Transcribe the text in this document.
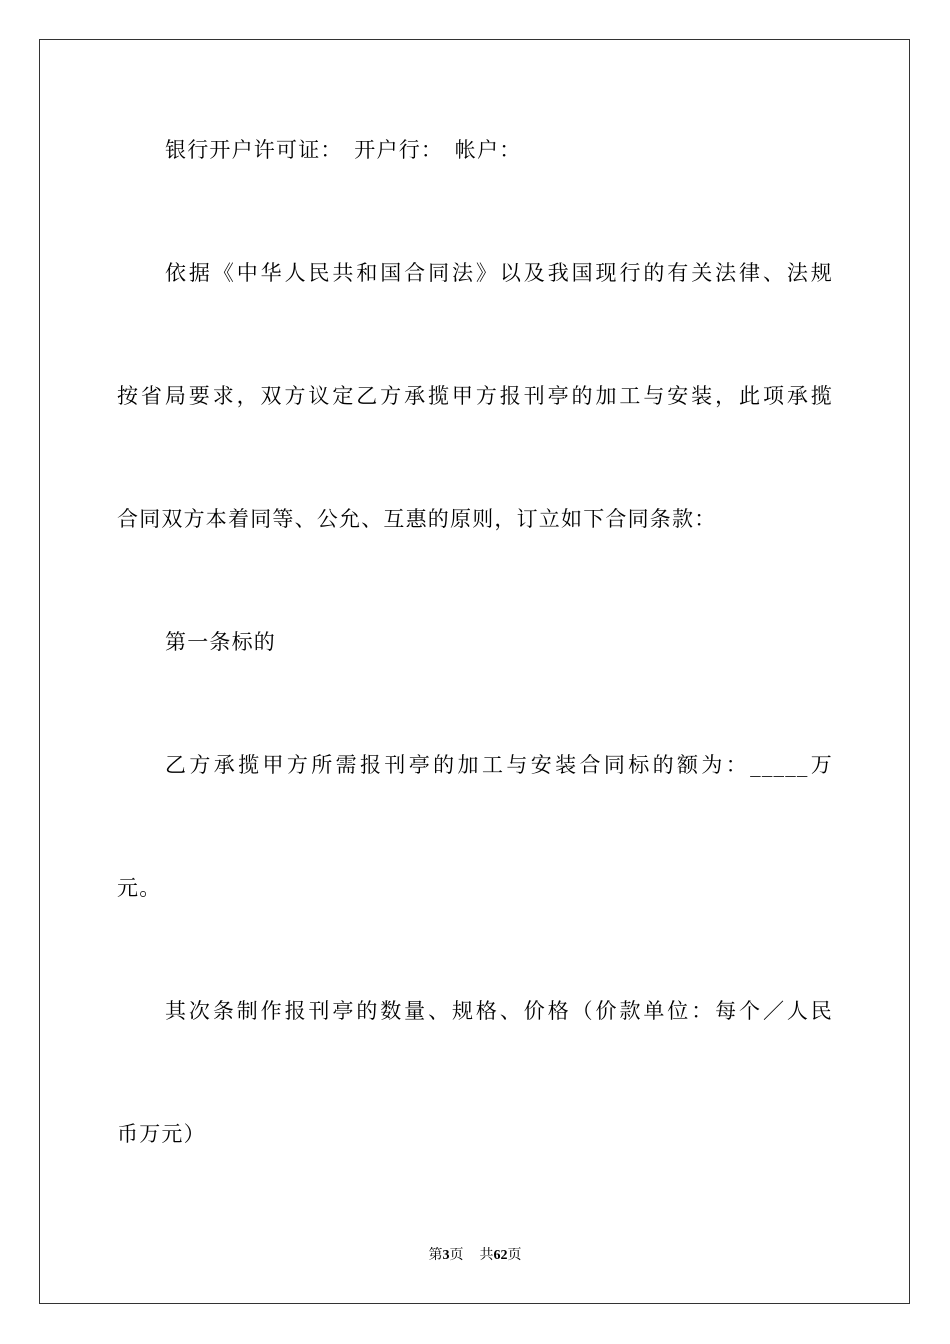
银行开户许可证：　开户行：　帐户：
依据《中华人民共和国合同法》以及我国现行的有关法律、法规
按省局要求，双方议定乙方承揽甲方报刊亭的加工与安装，此项承揽
合同双方本着同等、公允、互惠的原则，订立如下合同条款：
第一条标的
乙方承揽甲方所需报刊亭的加工与安装合同标的额为：_____万
元。
其次条制作报刊亭的数量、规格、价格（价款单位：每个／人民
币万元）
第3页 共62页
